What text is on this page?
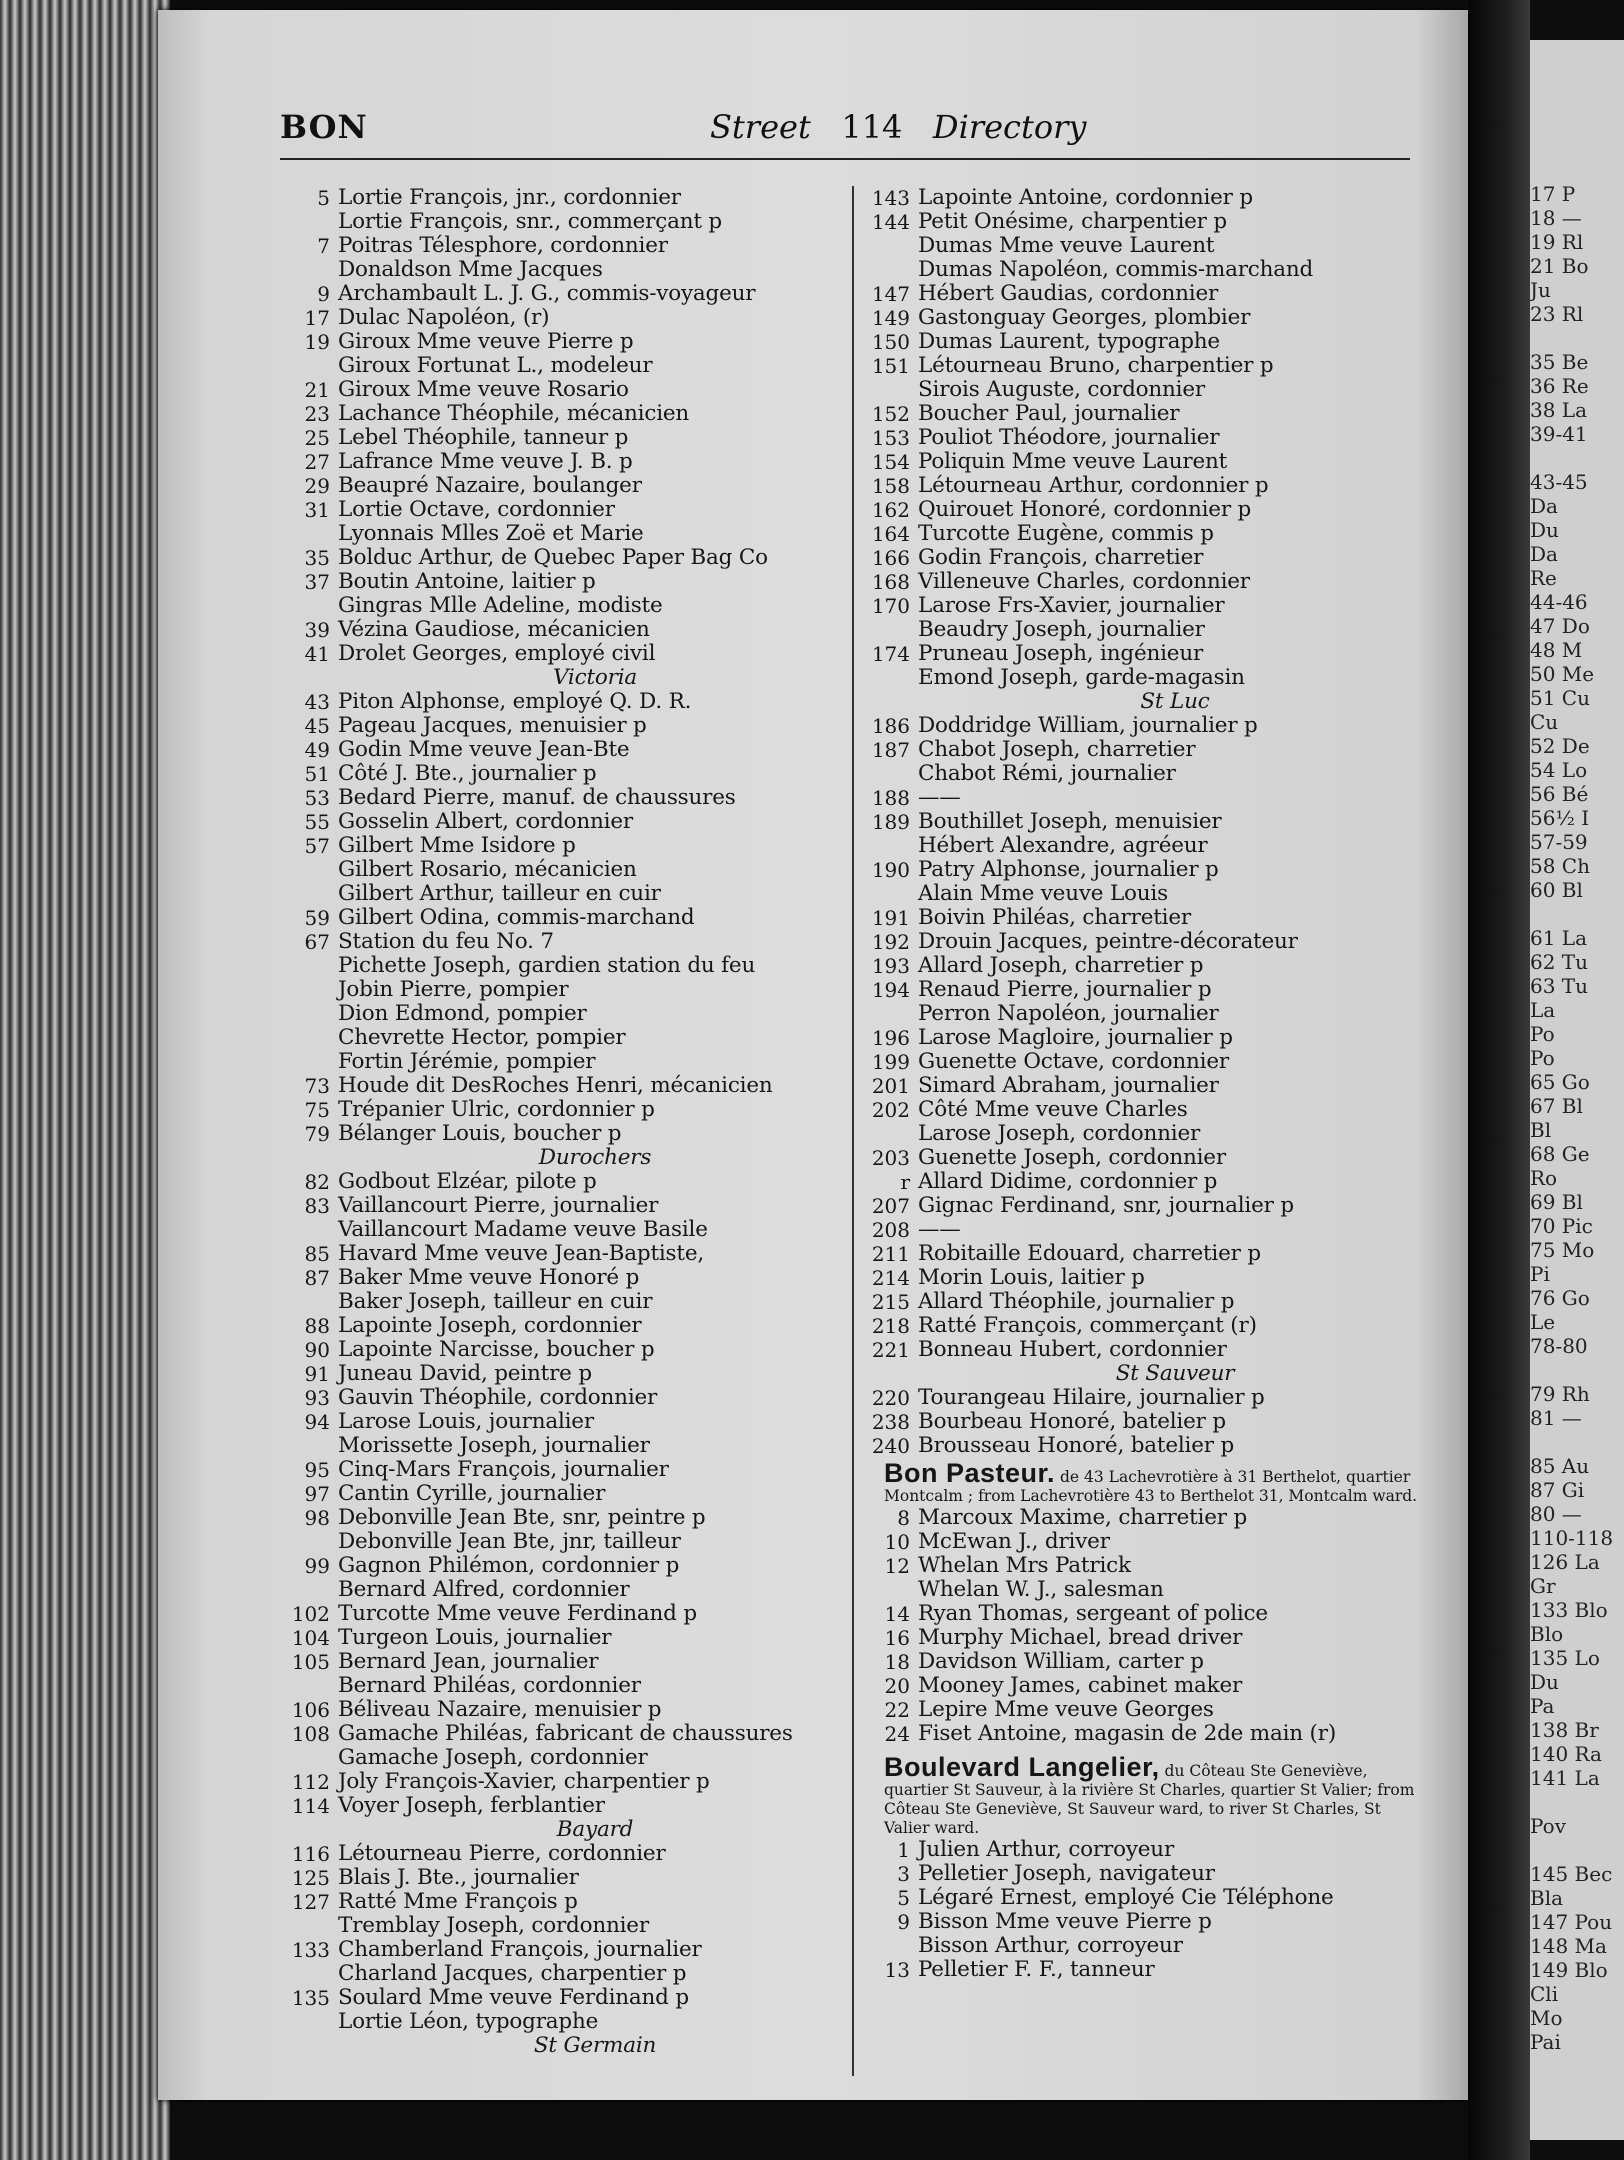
17 P
18 —
19 Rl
21 Bo
Ju
23 Rl
35 Be
36 Re
38 La
39-41
43-45
Da
Du
Da
Re
44-46
47 Do
48 M
50 Me
51 Cu
Cu
52 De
54 Lo
56 Bé
56½ I
57-59
58 Ch
60 Bl
61 La
62 Tu
63 Tu
La
Po
Po
65 Go
67 Bl
Bl
68 Ge
Ro
69 Bl
70 Pic
75 Mo
Pi
76 Go
Le
78-80
79 Rh
81 —
85 Au
87 Gi
80 —
110-118
126 La
Gr
133 Blo
Blo
135 Lo
Du
Pa
138 Br
140 Ra
141 La
Pov
145 Bec
Bla
147 Pou
148 Ma
149 Blo
Cli
Mo
Pai
BON	Street 114 Directory
5 Lortie François, jnr., cordonnier
Lortie François, snr., commerçant p
7 Poitras Télesphore, cordonnier
Donaldson Mme Jacques
9 Archambault L. J. G., commis-voyageur
17 Dulac Napoléon, (r)
19 Giroux Mme veuve Pierre p
Giroux Fortunat L., modeleur
21 Giroux Mme veuve Rosario
23 Lachance Théophile, mécanicien
25 Lebel Théophile, tanneur p
27 Lafrance Mme veuve J. B. p
29 Beaupré Nazaire, boulanger
31 Lortie Octave, cordonnier
Lyonnais Mlles Zoë et Marie
35 Bolduc Arthur, de Quebec Paper Bag Co
37 Boutin Antoine, laitier p
Gingras Mlle Adeline, modiste
39 Vézina Gaudiose, mécanicien
41 Drolet Georges, employé civil
Victoria
43 Piton Alphonse, employé Q. D. R.
45 Pageau Jacques, menuisier p
49 Godin Mme veuve Jean-Bte
51 Côté J. Bte., journalier p
53 Bedard Pierre, manuf. de chaussures
55 Gosselin Albert, cordonnier
57 Gilbert Mme Isidore p
Gilbert Rosario, mécanicien
Gilbert Arthur, tailleur en cuir
59 Gilbert Odina, commis-marchand
67 Station du feu No. 7
Pichette Joseph, gardien station du feu
Jobin Pierre, pompier
Dion Edmond, pompier
Chevrette Hector, pompier
Fortin Jérémie, pompier
73 Houde dit DesRoches Henri, mécanicien
75 Trépanier Ulric, cordonnier p
79 Bélanger Louis, boucher p
Durochers
82 Godbout Elzéar, pilote p
83 Vaillancourt Pierre, journalier
Vaillancourt Madame veuve Basile
85 Havard Mme veuve Jean-Baptiste,
87 Baker Mme veuve Honoré p
Baker Joseph, tailleur en cuir
88 Lapointe Joseph, cordonnier
90 Lapointe Narcisse, boucher p
91 Juneau David, peintre p
93 Gauvin Théophile, cordonnier
94 Larose Louis, journalier
Morissette Joseph, journalier
95 Cinq-Mars François, journalier
97 Cantin Cyrille, journalier
98 Debonville Jean Bte, snr, peintre p
Debonville Jean Bte, jnr, tailleur
99 Gagnon Philémon, cordonnier p
Bernard Alfred, cordonnier
102 Turcotte Mme veuve Ferdinand p
104 Turgeon Louis, journalier
105 Bernard Jean, journalier
Bernard Philéas, cordonnier
106 Béliveau Nazaire, menuisier p
108 Gamache Philéas, fabricant de chaussures
Gamache Joseph, cordonnier
112 Joly François-Xavier, charpentier p
114 Voyer Joseph, ferblantier
Bayard
116 Létourneau Pierre, cordonnier
125 Blais J. Bte., journalier
127 Ratté Mme François p
Tremblay Joseph, cordonnier
133 Chamberland François, journalier
Charland Jacques, charpentier p
135 Soulard Mme veuve Ferdinand p
Lortie Léon, typographe
St Germain
143 Lapointe Antoine, cordonnier p
144 Petit Onésime, charpentier p
Dumas Mme veuve Laurent
Dumas Napoléon, commis-marchand
147 Hébert Gaudias, cordonnier
149 Gastonguay Georges, plombier
150 Dumas Laurent, typographe
151 Létourneau Bruno, charpentier p
Sirois Auguste, cordonnier
152 Boucher Paul, journalier
153 Pouliot Théodore, journalier
154 Poliquin Mme veuve Laurent
158 Létourneau Arthur, cordonnier p
162 Quirouet Honoré, cordonnier p
164 Turcotte Eugène, commis p
166 Godin François, charretier
168 Villeneuve Charles, cordonnier
170 Larose Frs-Xavier, journalier
Beaudry Joseph, journalier
174 Pruneau Joseph, ingénieur
Emond Joseph, garde-magasin
St Luc
186 Doddridge William, journalier p
187 Chabot Joseph, charretier
Chabot Rémi, journalier
188 ——
189 Bouthillet Joseph, menuisier
Hébert Alexandre, agréeur
190 Patry Alphonse, journalier p
Alain Mme veuve Louis
191 Boivin Philéas, charretier
192 Drouin Jacques, peintre-décorateur
193 Allard Joseph, charretier p
194 Renaud Pierre, journalier p
Perron Napoléon, journalier
196 Larose Magloire, journalier p
199 Guenette Octave, cordonnier
201 Simard Abraham, journalier
202 Côté Mme veuve Charles
Larose Joseph, cordonnier
203 Guenette Joseph, cordonnier
r Allard Didime, cordonnier p
207 Gignac Ferdinand, snr, journalier p
208 ——
211 Robitaille Edouard, charretier p
214 Morin Louis, laitier p
215 Allard Théophile, journalier p
218 Ratté François, commerçant (r)
221 Bonneau Hubert, cordonnier
St Sauveur
220 Tourangeau Hilaire, journalier p
238 Bourbeau Honoré, batelier p
240 Brousseau Honoré, batelier p
Bon Pasteur. de 43 Lachevrotière à 31 Berthelot, quartier Montcalm ; from Lachevrotière 43 to Berthelot 31, Montcalm ward.
8 Marcoux Maxime, charretier p
10 McEwan J., driver
12 Whelan Mrs Patrick
Whelan W. J., salesman
14 Ryan Thomas, sergeant of police
16 Murphy Michael, bread driver
18 Davidson William, carter p
20 Mooney James, cabinet maker
22 Lepire Mme veuve Georges
24 Fiset Antoine, magasin de 2de main (r)
Boulevard Langelier, du Côteau Ste Geneviève, quartier St Sauveur, à la rivière St Charles, quartier St Valier; from Côteau Ste Geneviève, St Sauveur ward, to river St Charles, St Valier ward.
1 Julien Arthur, corroyeur
3 Pelletier Joseph, navigateur
5 Légaré Ernest, employé Cie Téléphone
9 Bisson Mme veuve Pierre p
Bisson Arthur, corroyeur
13 Pelletier F. F., tanneur
